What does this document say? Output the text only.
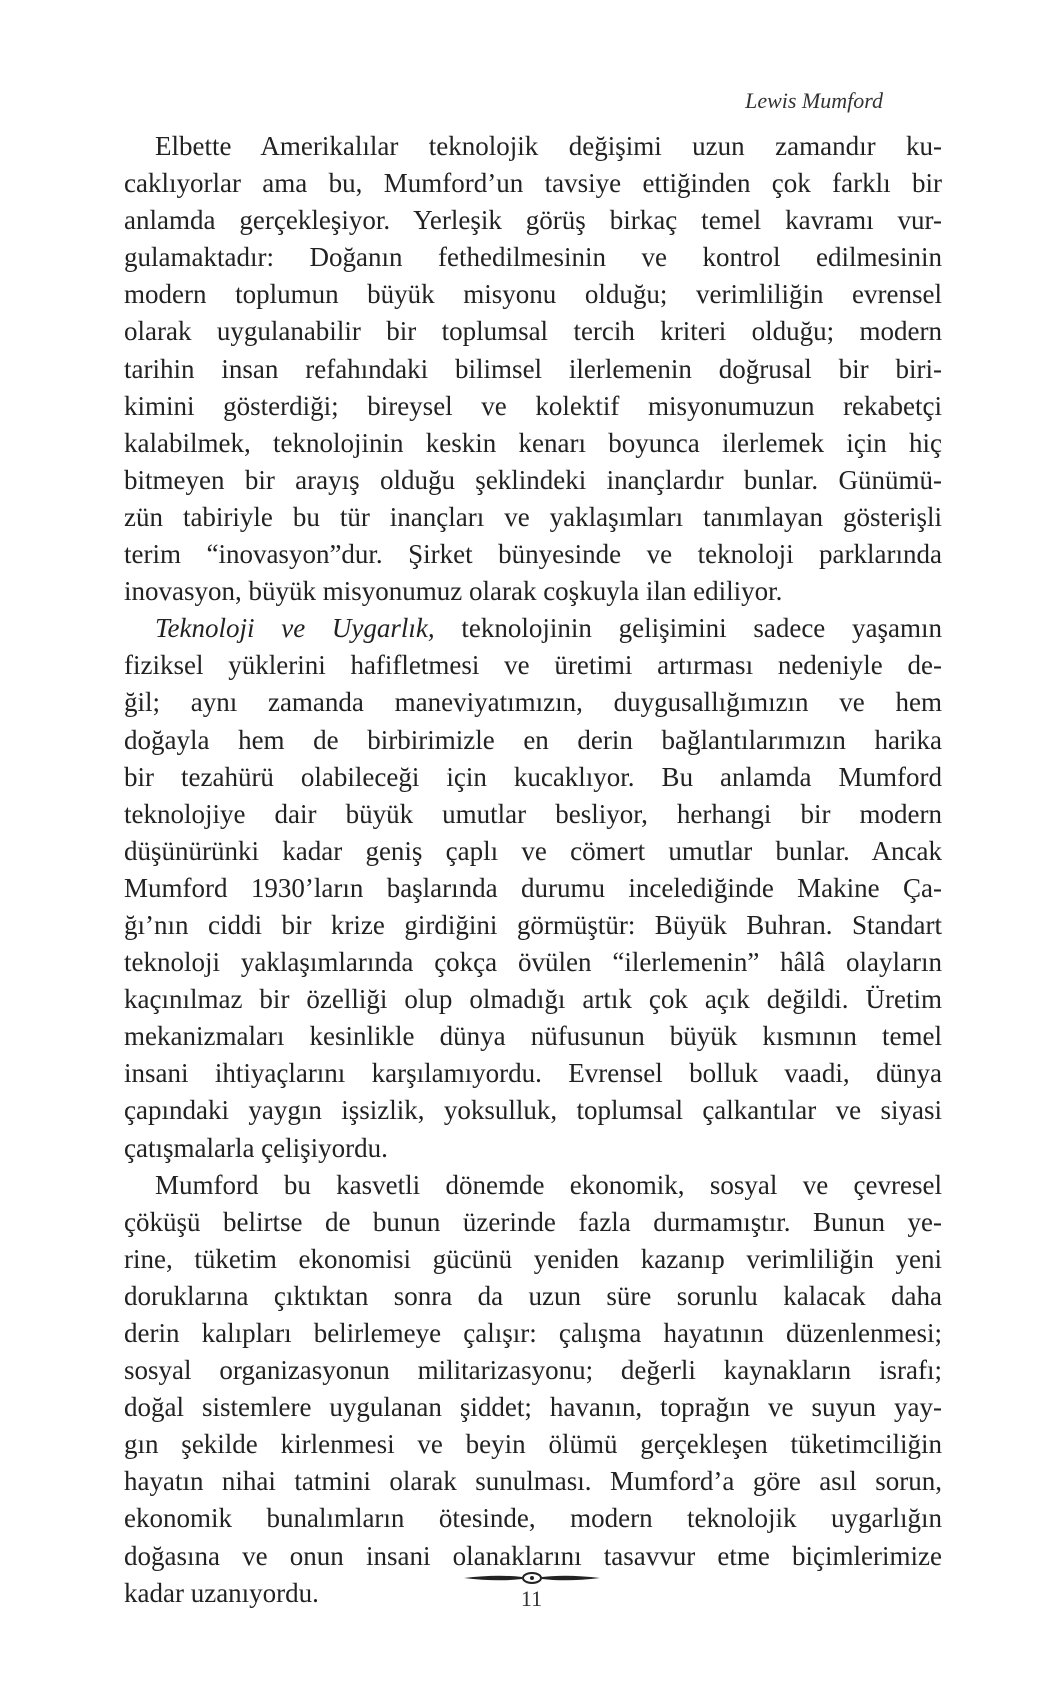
Lewis Mumford
Elbette Amerikalılar teknolojik değişimi uzun zamandır ku-
caklıyorlar ama bu, Mumford’un tavsiye ettiğinden çok farklı bir
anlamda gerçekleşiyor. Yerleşik görüş birkaç temel kavramı vur-
gulamaktadır: Doğanın fethedilmesinin ve kontrol edilmesinin
modern toplumun büyük misyonu olduğu; verimliliğin evrensel
olarak uygulanabilir bir toplumsal tercih kriteri olduğu; modern
tarihin insan refahındaki bilimsel ilerlemenin doğrusal bir biri-
kimini gösterdiği; bireysel ve kolektif misyonumuzun rekabetçi
kalabilmek, teknolojinin keskin kenarı boyunca ilerlemek için hiç
bitmeyen bir arayış olduğu şeklindeki inançlardır bunlar. Günümü-
zün tabiriyle bu tür inançları ve yaklaşımları tanımlayan gösterişli
terim “inovasyon”dur. Şirket bünyesinde ve teknoloji parklarında
inovasyon, büyük misyonumuz olarak coşkuyla ilan ediliyor.
Teknoloji ve Uygarlık, teknolojinin gelişimini sadece yaşamın
fiziksel yüklerini hafifletmesi ve üretimi artırması nedeniyle de-
ğil; aynı zamanda maneviyatımızın, duygusallığımızın ve hem
doğayla hem de birbirimizle en derin bağlantılarımızın harika
bir tezahürü olabileceği için kucaklıyor. Bu anlamda Mumford
teknolojiye dair büyük umutlar besliyor, herhangi bir modern
düşünürünki kadar geniş çaplı ve cömert umutlar bunlar. Ancak
Mumford 1930’ların başlarında durumu incelediğinde Makine Ça-
ğı’nın ciddi bir krize girdiğini görmüştür: Büyük Buhran. Standart
teknoloji yaklaşımlarında çokça övülen “ilerlemenin” hâlâ olayların
kaçınılmaz bir özelliği olup olmadığı artık çok açık değildi. Üretim
mekanizmaları kesinlikle dünya nüfusunun büyük kısmının temel
insani ihtiyaçlarını karşılamıyordu. Evrensel bolluk vaadi, dünya
çapındaki yaygın işsizlik, yoksulluk, toplumsal çalkantılar ve siyasi
çatışmalarla çelişiyordu.
Mumford bu kasvetli dönemde ekonomik, sosyal ve çevresel
çöküşü belirtse de bunun üzerinde fazla durmamıştır. Bunun ye-
rine, tüketim ekonomisi gücünü yeniden kazanıp verimliliğin yeni
doruklarına çıktıktan sonra da uzun süre sorunlu kalacak daha
derin kalıpları belirlemeye çalışır: çalışma hayatının düzenlenmesi;
sosyal organizasyonun militarizasyonu; değerli kaynakların israfı;
doğal sistemlere uygulanan şiddet; havanın, toprağın ve suyun yay-
gın şekilde kirlenmesi ve beyin ölümü gerçekleşen tüketimciliğin
hayatın nihai tatmini olarak sunulması. Mumford’a göre asıl sorun,
ekonomik bunalımların ötesinde, modern teknolojik uygarlığın
doğasına ve onun insani olanaklarını tasavvur etme biçimlerimize
kadar uzanıyordu.	11
